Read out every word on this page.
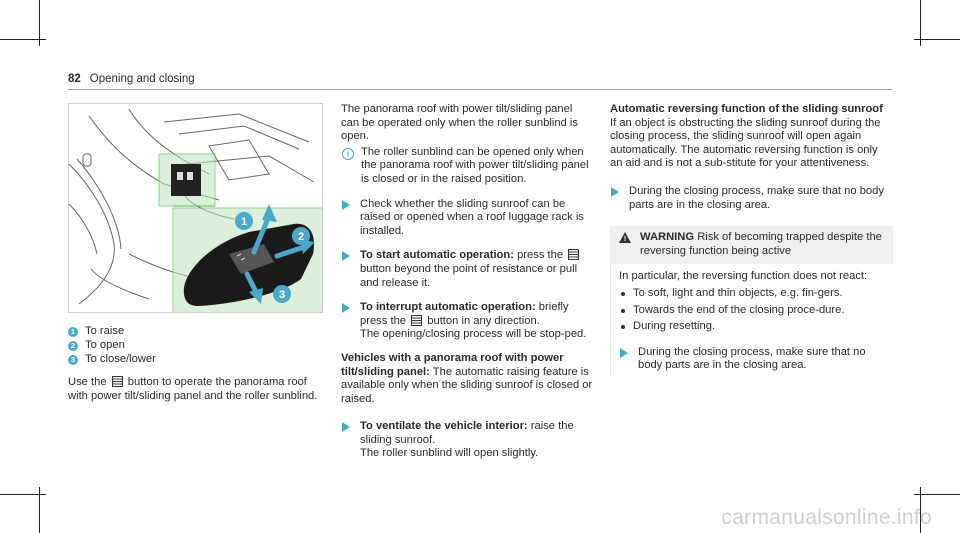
82 Opening and closing
1
2
3
1 To raise
2 To open
3 To close/lower

Use the button to operate the panorama roof with power tilt/sliding panel and the roller sunblind.

The panorama roof with power tilt/sliding panel can be operated only when the roller sunblind is open.

i	The roller sunblind can be opened only when the panorama roof with power tilt/sliding panel is closed or in the raised position.
Check whether the sliding sunroof can be raised or opened when a roof luggage rack is installed.
To start automatic operation: press the  button beyond the point of resistance or pull and release it.
To interrupt automatic operation: briefly press the button in any direction.
The opening/closing process will be stop-ped.

Vehicles with a panorama roof with power tilt/sliding panel: The automatic raising feature is available only when the sliding sunroof is closed or raised.

To ventilate the vehicle interior: raise the sliding sunroof.
The roller sunblind will open slightly.

Automatic reversing function of the sliding sunroof

If an object is obstructing the sliding sunroof during the closing process, the sliding sunroof will open again automatically. The automatic reversing function is only an aid and is not a sub-stitute for your attentiveness.

During the closing process, make sure that no body parts are in the closing area.
! WARNING Risk of becoming trapped despite the reversing function being active

In particular, the reversing function does not react:

To soft, light and thin objects, e.g. fin-gers.
Towards the end of the closing proce-dure.
During resetting.
During the closing process, make sure that no body parts are in the closing area.
carmanualsonline.info
